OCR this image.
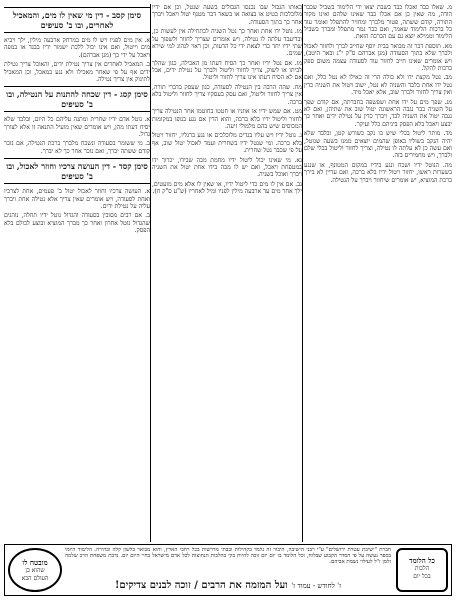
מ. שאלו כבד ואכלו כבד בשבת יצאו ידי הלימוד בשביל שכבר הודה, מה שאין כן אם אכלו כבד שאינו שלהם ואינו מקור התורה, קודם ששתה, פטור מלברך ומחזיר להתפלל ואומר עוד כל ברכות הלימוד שאמר, ואם כבר גמר מתפלל ומברך בשביל הלימוד וממילא יוצא גם עם הברכה הזאת.
מא. תוספת דבר זה מבואר בבית יוסף שחייב לברך ולחזור לאכול ולברך שלא בתוך הסעודה (מגן אברהם ס"ק י"ג ובאר היטב), ויש אומרים שאינו חייב לחזור עוד לסעודה עצמה משום ספק ברכות להקל.
מב. נטל מקצת ידו ולא כולה הרי זה כאילו לא נטל כלל, ואם נטל ידו אחת בלבד והשניה לא נטל, ישוב ויטול את השניה כדין ואין צריך לחזור ולברך שוב, אלא יאכל מיד.
מג. שפך מים על ידו אחת ושפשפה בחברתה, אם קודם שפך על השניה כבר נגבה הראשונה יטול שוב את שתיהן, ואם לא נגבה יטול את השניה לבד, ויברך כדין על נטילת ידים ואחר כך יבצע ויאכל בלא הפסק ביניהם כלל ועיקר.
מד. מותר ליטול בכלי שיש בו נקב כשורש קטן, ובלבד שלא יהיה הנקב בשוליו באופן שהמים יוצאים ממנו בשעה שנוטל, ואם עשה כן לא עלתה לו נטילה, וצריך לחזור וליטול בכלי שלם ולברך, ויש מחמירים בזה.
מה. הנוטל ידיו ושכח ונגע בידיו במקום המטונף, או שנגע בשערות ראשו, יחזור ויטול ידיו בלא ברכה, ואם עדיין לא בירך ברכת המוציא, יש אומרים שיחזור ויברך על הנטילה.
באותו הגבול שבו נכנסו הגבולים בשעה שנטל, וכן אם ידיו מלוכלכות בטיט או בצואה או בשאר דבר מטנף יטול ויאכל ויברך אחר כך בתוך הסעודה.
מו. נוטל ידו אחת ואחר כך נטל השניה לכתחילה אין לעשות כן, ובדיעבד עלתה לו נטילה, ויש אומרים שצריך לחזור ולשפוך על שתי ידיו יחד כדי לצאת ידי כל הדעות, וכן ראוי לנהוג למי שירא שמים.
מז. אם נטל ידיו ואחר כך הסיח דעתו מן האכילה, כגון שהלך לביתו או לשוק, צריך לחזור וליטול ולברך על נטילת ידים, אבל אם לא הסיח דעתו אינו צריך לחזור וליטול.
מח. שהה הרבה בין הנטילה לסעודה, כגון שעסק בדברי תורה, אין צריך לחזור וליטול, ואם עסק בעסקיו צריך לחזור וליטול בלא ברכה.
מט. אם שמש ידיו או אוזניו או חטטו בחוטמו אחר הנטילה צריך לחזור וליטול ידיו בלא ברכה, והוא הדין אם נגע בגופו במקומות המכוסים שיש בהם מלמולי זיעה.
נ. נוטל ידיו ויש עליו בגדים מלוכלכים או נגע ברגליו, יחזור ויטול בלא ברכה. ומי שנטל ידיו בשחרית ועמד לאכול יטול שוב, אף על פי שכבר נטל שחרית.
נא. מי שאינו יכול ליטול ידיו מחמת מכה שבידו, יכרוך ידו במטפחת ויאכל, ואם יש לו מכה בידו אחת יטול את השניה ויברך ואוכל בשניה.
נב. אם אין לו מים כדי ליטול ידיו, או שאין לו אלא מים מועטים, ילך אחר מים עד ארבעה מילין לפניו ומיל לאחריו (ש"ע ס"ק ח).
סימן קסב - דין מי שאין לו מים, והמאכיל לאחרים, ובו ב' סעיפים
א. אין מים לפניו ויש לו מים במרחק ארבעה מילין, ילך ויביא מים וייטול, ואם אינו יכול ללכת ישמור ידיו בבגד או במפה ויאכל על ידי כך (מגן אברהם).
ב. המאכיל לאחרים אין צריך נטילת ידים, והאוכל צריך נטילת ידים אף על פי שאחר מאכילו ולא נגע במאכל, וכן המאכיל לתינוק אין צריך נטילה.
סימן קסג - דין שכחה להתנות על הנטילה, ובו ב' סעיפים
א. נוטל אדם ידיו שחרית ומתנה עליהם כל היום, ובלבד שלא יסיח דעתו מהן, ויש אומרים שאין מועיל התנאה זו אלא לצורך גדול.
ב. מי ששומר בסעודה ונשכח מלברך ברכת הנטילה, אם נזכר קודם ששתה יברך, ואם נזכר אחר כך לא יברך.
סימן קסד - דין העושה צרכיו וחוזר לאכול, ובו ב' סעיפים
א. העושה צרכיו וחוזר לאכול יטול ב' פעמים, אחת לצרכיו ואחת לסעודה, ויש אומרים שאין צריך אלא נטילה אחת ויברך עליה על נטילת ידים.
ב. אם רבים מסובין בסעודה והגדול נוטל ידיו תחלה, נוהגים שהגדול נוטל אחרון ואחר כך מברך המוציא ובוצע לכולם בלא הפסק.
כל הלומד
הלכות
בכל יום
חברת "ישיבת עטרת ירושלים" ע"י רבני הישיבה, חיבור זה נלמד בקהילות ובבתי מדרשות בכל רחבי הארץ, והוא מבואר בלשון קלה ובהירה. הלימוד היומי בספר נעשה על פי הסדר הקבוע שבלוח, וכל הלומד בו יום יום זוכה להיות בקי בהלכות הנחוצות לכל אדם מישראל בחיי היום יום. נדבת משפחת הרב שלמה זלמן ז"ל לעילוי נשמת אביהם.
ז' לחודש - עמוד ז' ועל המזמה את הרבים / זוכה לבנים צדיקים!
מובטח לו
שהוא בן
העולם הבא
